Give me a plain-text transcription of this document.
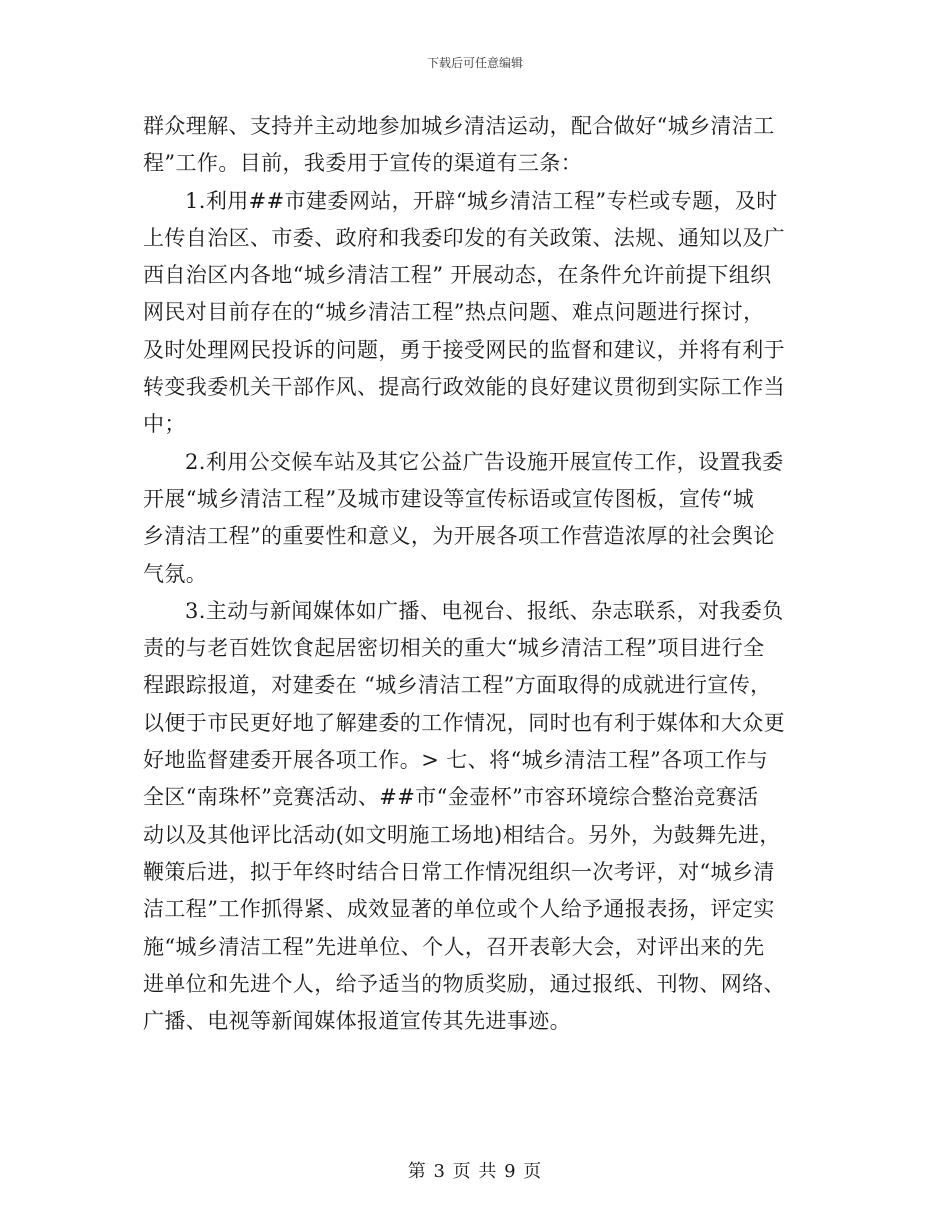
下载后可任意编辑
群众理解、支持并主动地参加城乡清洁运动，配合做好“城乡清洁工
程”工作。目前，我委用于宣传的渠道有三条：
1.利用##市建委网站，开辟“城乡清洁工程”专栏或专题，及时
上传自治区、市委、政府和我委印发的有关政策、法规、通知以及广
西自治区内各地“城乡清洁工程” 开展动态，在条件允许前提下组织
网民对目前存在的“城乡清洁工程”热点问题、难点问题进行探讨，
及时处理网民投诉的问题，勇于接受网民的监督和建议，并将有利于
转变我委机关干部作风、提高行政效能的良好建议贯彻到实际工作当
中；
2.利用公交候车站及其它公益广告设施开展宣传工作，设置我委
开展“城乡清洁工程”及城市建设等宣传标语或宣传图板，宣传“城
乡清洁工程”的重要性和意义，为开展各项工作营造浓厚的社会舆论
气氛。
3.主动与新闻媒体如广播、电视台、报纸、杂志联系，对我委负
责的与老百姓饮食起居密切相关的重大“城乡清洁工程”项目进行全
程跟踪报道，对建委在 “城乡清洁工程”方面取得的成就进行宣传，
以便于市民更好地了解建委的工作情况，同时也有利于媒体和大众更
好地监督建委开展各项工作。> 七、将“城乡清洁工程”各项工作与
全区“南珠杯”竞赛活动、##市“金壶杯”市容环境综合整治竞赛活
动以及其他评比活动(如文明施工场地)相结合。另外，为鼓舞先进，
鞭策后进，拟于年终时结合日常工作情况组织一次考评，对“城乡清
洁工程”工作抓得紧、成效显著的单位或个人给予通报表扬，评定实
施“城乡清洁工程”先进单位、个人，召开表彰大会，对评出来的先
进单位和先进个人，给予适当的物质奖励，通过报纸、刊物、网络、
广播、电视等新闻媒体报道宣传其先进事迹。
第 3 页 共 9 页
